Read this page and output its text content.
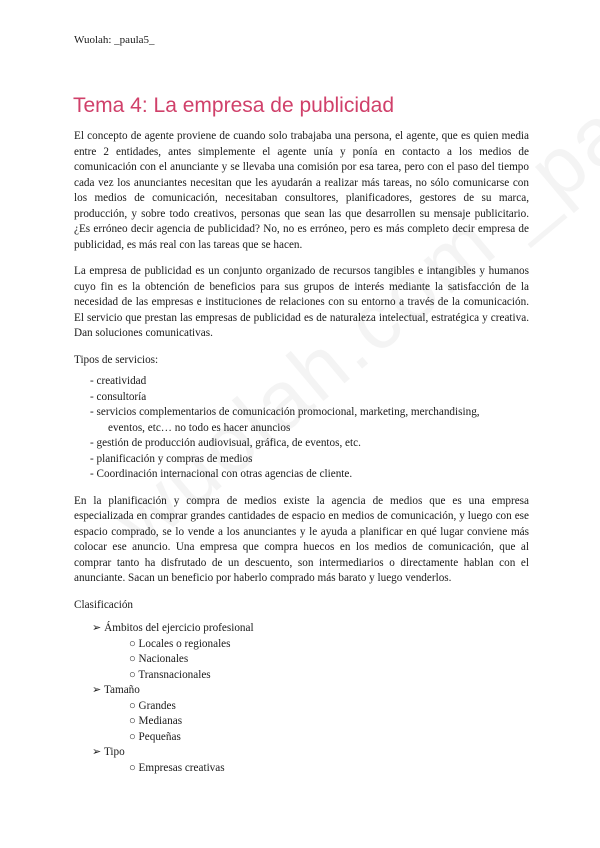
Wuolah: _paula5_
Tema 4: La empresa de publicidad

El concepto de agente proviene de cuando solo trabajaba una persona, el agente, que es quien media entre 2 entidades, antes simplemente el agente unía y ponía en contacto a los medios de comunicación con el anunciante y se llevaba una comisión por esa tarea, pero con el paso del tiempo cada vez los anunciantes necesitan que les ayudarán a realizar más tareas, no sólo comunicarse con los medios de comunicación, necesitaban consultores, planificadores, gestores de su marca, producción, y sobre todo creativos, personas que sean las que desarrollen su mensaje publicitario. ¿Es erróneo decir agencia de publicidad? No, no es erróneo, pero es más completo decir empresa de publicidad, es más real con las tareas que se hacen.

La empresa de publicidad es un conjunto organizado de recursos tangibles e intangibles y humanos cuyo fin es la obtención de beneficios para sus grupos de interés mediante la satisfacción de la necesidad de las empresas e instituciones de relaciones con su entorno a través de la comunicación. El servicio que prestan las empresas de publicidad es de naturaleza intelectual, estratégica y creativa. Dan soluciones comunicativas.

Tipos de servicios:

- creatividad
- consultoría
- servicios complementarios de comunicación promocional, marketing, merchandising,
eventos, etc… no todo es hacer anuncios
- gestión de producción audiovisual, gráfica, de eventos, etc.
- planificación y compras de medios
- Coordinación internacional con otras agencias de cliente.

En la planificación y compra de medios existe la agencia de medios que es una empresa especializada en comprar grandes cantidades de espacio en medios de comunicación, y luego con ese espacio comprado, se lo vende a los anunciantes y le ayuda a planificar en qué lugar conviene más colocar ese anuncio. Una empresa que compra huecos en los medios de comunicación, que al comprar tanto ha disfrutado de un descuento, son intermediarios o directamente hablan con el anunciante. Sacan un beneficio por haberlo comprado más barato y luego venderlos.

Clasificación

➢ Ámbitos del ejercicio profesional
○ Locales o regionales
○ Nacionales
○ Transnacionales
➢ Tamaño
○ Grandes
○ Medianas
○ Pequeñas
➢ Tipo
○ Empresas creativas
